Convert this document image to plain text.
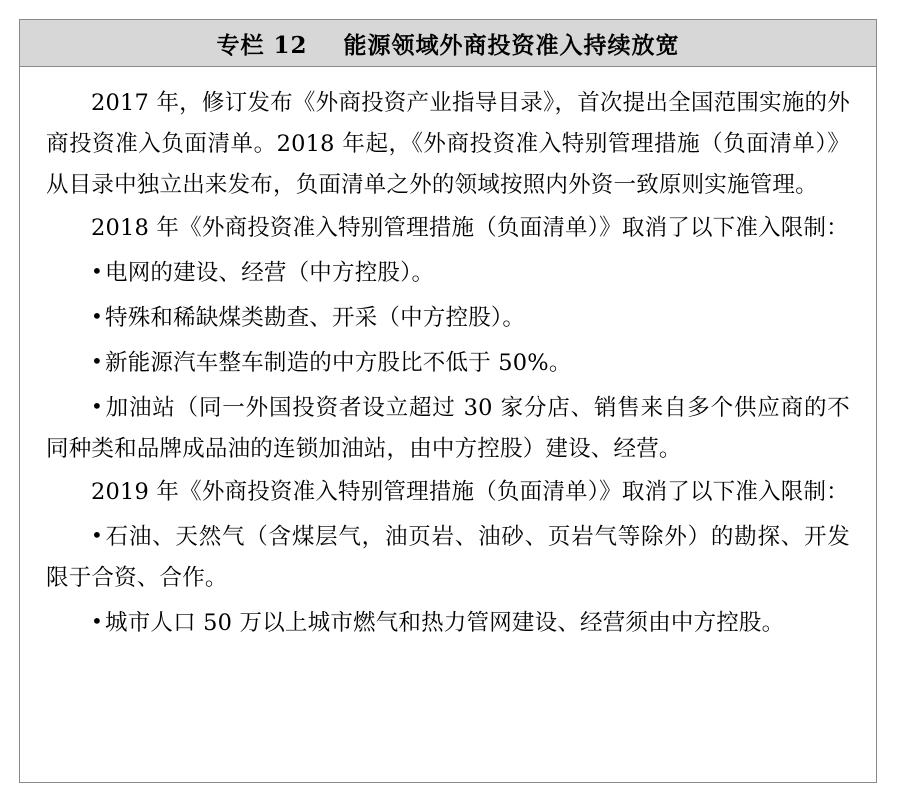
专栏 12    能源领域外商投资准入持续放宽

2017 年，修订发布《外商投资产业指导目录》，首次提出全国范围实施的外商投资准入负面清单。2018 年起，《外商投资准入特别管理措施（负面清单）》从目录中独立出来发布，负面清单之外的领域按照内外资一致原则实施管理。

2018 年《外商投资准入特别管理措施（负面清单）》取消了以下准入限制：

• 电网的建设、经营（中方控股）。

• 特殊和稀缺煤类勘查、开采（中方控股）。

• 新能源汽车整车制造的中方股比不低于 50%。

• 加油站（同一外国投资者设立超过 30 家分店、销售来自多个供应商的不同种类和品牌成品油的连锁加油站，由中方控股）建设、经营。

2019 年《外商投资准入特别管理措施（负面清单）》取消了以下准入限制：

• 石油、天然气（含煤层气，油页岩、油砂、页岩气等除外）的勘探、开发限于合资、合作。

• 城市人口 50 万以上城市燃气和热力管网建设、经营须由中方控股。
